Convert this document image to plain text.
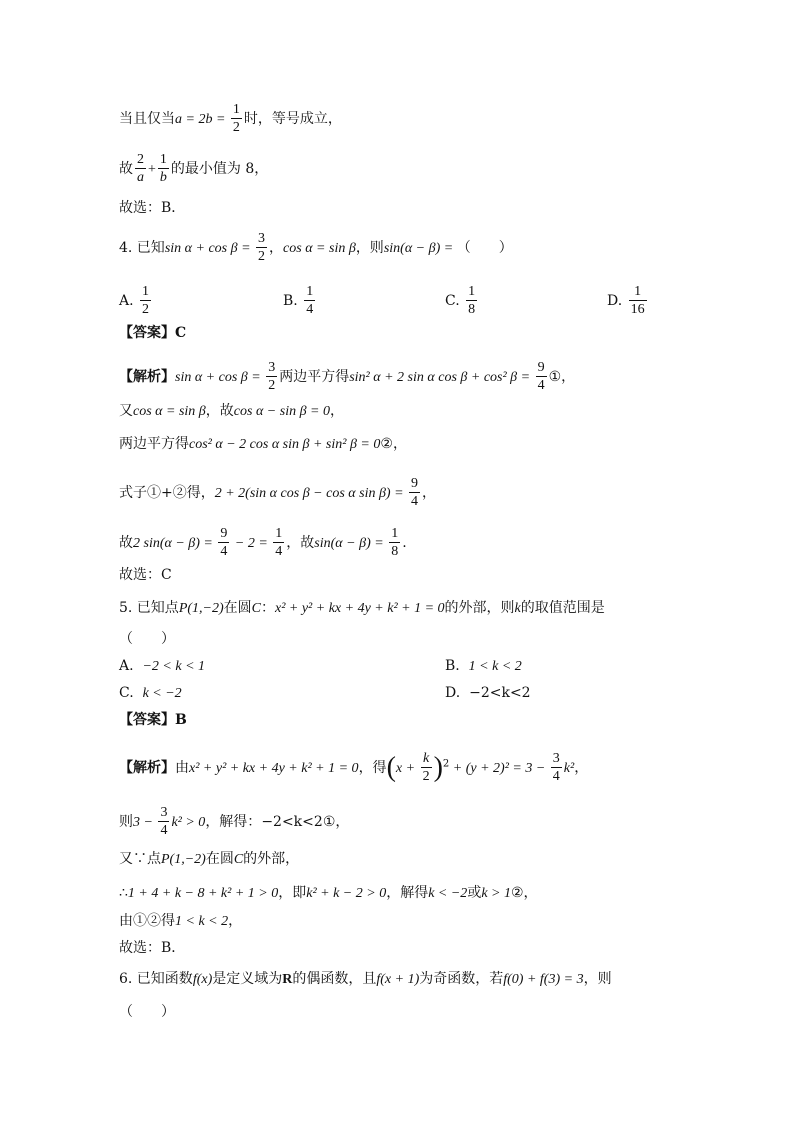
当且仅当$a = 2b = \frac{1}{2}$ 时，等号成立，
故 $\frac{2}{a} + \frac{1}{b}$ 的最小值为 8，
故选：B．
4. 已知$\sin \alpha + \cos \beta = \frac{3}{2}$ ，cos α = sin β，则sin(α − β) = （　　）
A. $\frac{1}{2}$	B. $\frac{1}{4}$	C. $\frac{1}{8}$	D. $\frac{1}{16}$
【答案】C
【解析】$\sin \alpha + \cos \beta = \frac{3}{2}$ 两边平方得sin² α + 2 sin α cos β + cos² $\beta = \frac{9}{4}$ ①，
又cos α = sin β，故cos α − sin β = 0，
两边平方得cos² α − 2 cos α sin β + sin² β = 0②，
式子①+②得，2 + 2(sin α cos β − cos α $\sin \beta) = \frac{9}{4}$ ，
故2 $\sin(\alpha - \beta) = \frac{9}{4} - 2 = \frac{1}{4}$ ，故$\sin(\alpha - \beta) = \frac{1}{8}$ .
故选：C
5. 已知点P(1,−2)在圆C：x² + y² + kx + 4y + k² + 1 = 0的外部，则k的取值范围是
（　　）
A. −2 < k < 1	B. 1 < k < 2
C. k < −2	D. −2<k<2
【答案】B
【解析】由x² + y² + kx + 4y + k² + 1 = 0，得$(x + \frac{k}{2} )^2 + (y + 2)^2 = 3 - \frac{3}{4} k^2$，
则$3 - \frac{3}{4} k^2 > 0$，解得：−2<k<2①，
又∵点P(1,−2)在圆C的外部，
∴1 + 4 + k − 8 + k² + 1 > 0，即k² + k − 2 > 0，解得k < −2或k > 1②，
由①②得1 < k < 2，
故选：B．
6. 已知函数f(x)是定义域为R的偶函数，且f(x + 1)为奇函数，若f(0) + f(3) = 3，则
（　　）
